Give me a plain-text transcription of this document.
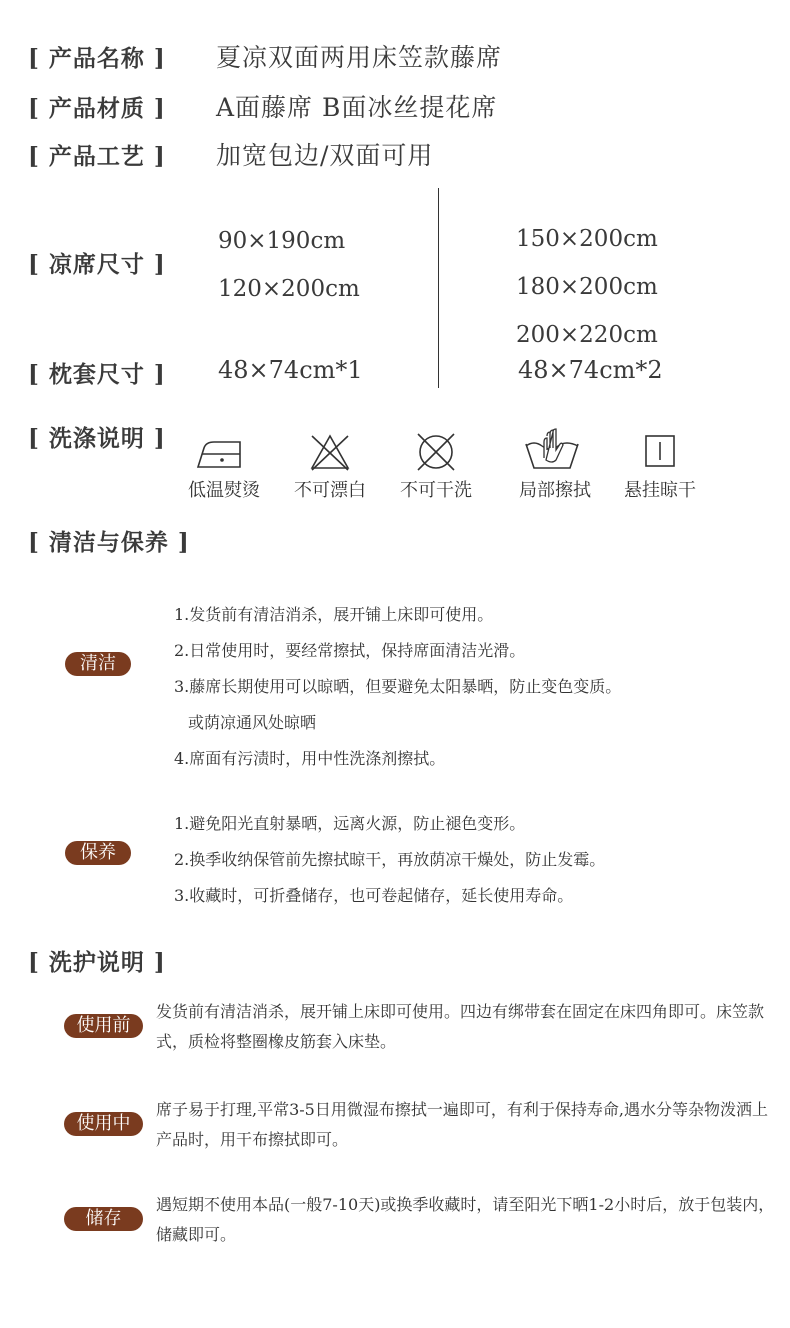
[ 产品名称 ] 夏凉双面两用床笠款藤席
[ 产品材质 ] A面藤席 B面冰丝提花席
[ 产品工艺 ] 加宽包边/双面可用
[ 凉席尺寸 ]
90×190cm
120×200cm
150×200cm
180×200cm
200×220cm
[ 枕套尺寸 ] 48×74cm*1	48×74cm*2
[ 洗涤说明 ]
低温熨烫	不可漂白	不可干洗	局部擦拭	悬挂晾干
[ 清洁与保养 ]
清洁
1.发货前有清洁消杀，展开铺上床即可使用。
2.日常使用时，要经常擦拭，保持席面清洁光滑。
3.藤席长期使用可以晾晒，但要避免太阳暴晒，防止变色变质。
或荫凉通风处晾晒
4.席面有污渍时，用中性洗涤剂擦拭。
保养
1.避免阳光直射暴晒，远离火源，防止褪色变形。
2.换季收纳保管前先擦拭晾干，再放荫凉干燥处，防止发霉。
3.收藏时，可折叠储存，也可卷起储存，延长使用寿命。
[ 洗护说明 ]
使用前
发货前有清洁消杀，展开铺上床即可使用。四边有绑带套在固定在床四角即可。床笠款式，质检将整圈橡皮筋套入床垫。
使用中
席子易于打理,平常3-5日用微湿布擦拭一遍即可，有利于保持寿命,遇水分等杂物泼洒上产品时，用干布擦拭即可。
储存
遇短期不使用本品(一般7-10天)或换季收藏时，请至阳光下晒1-2小时后，放于包装内，储藏即可。
